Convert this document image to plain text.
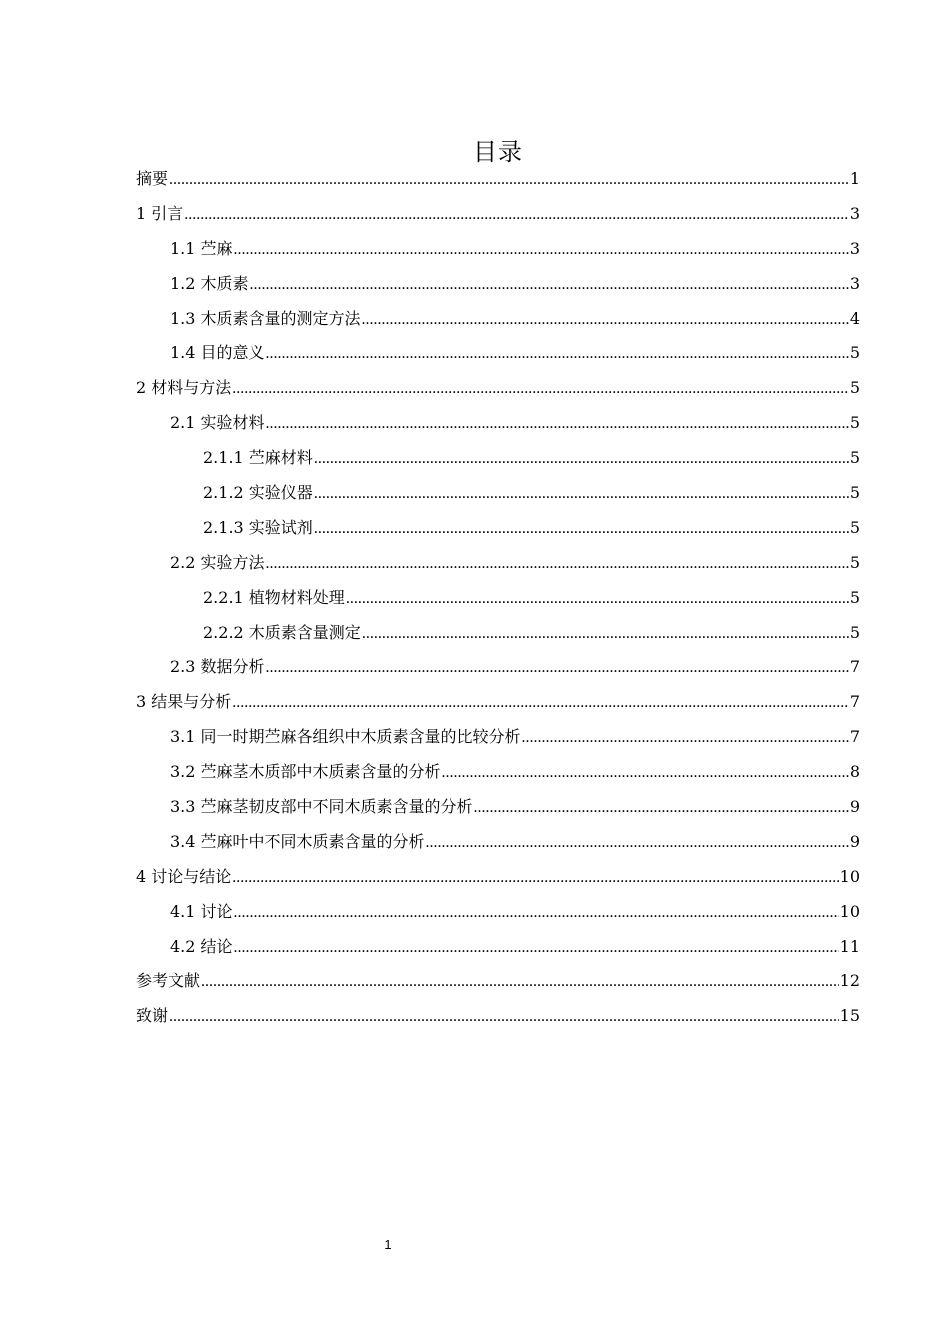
目录
摘要 .....	1
1 引言 .....	3
1.1 苎麻 .....	3
1.2 木质素 .....	3
1.3 木质素含量的测定方法 .....	4
1.4 目的意义 .....	5
2 材料与方法 .....	5
2.1 实验材料 .....	5
2.1.1 苎麻材料 .....	5
2.1.2 实验仪器 .....	5
2.1.3 实验试剂 .....	5
2.2 实验方法 .....	5
2.2.1 植物材料处理 .....	5
2.2.2 木质素含量测定 .....	5
2.3 数据分析 .....	7
3 结果与分析 .....	7
3.1 同一时期苎麻各组织中木质素含量的比较分析 .....	7
3.2 苎麻茎木质部中木质素含量的分析 .....	8
3.3 苎麻茎韧皮部中不同木质素含量的分析 .....	9
3.4 苎麻叶中不同木质素含量的分析 .....	9
4 讨论与结论 .....	10
4.1 讨论 .....	10
4.2 结论 .....	11
参考文献 .....	12
致谢 .....	15
1
